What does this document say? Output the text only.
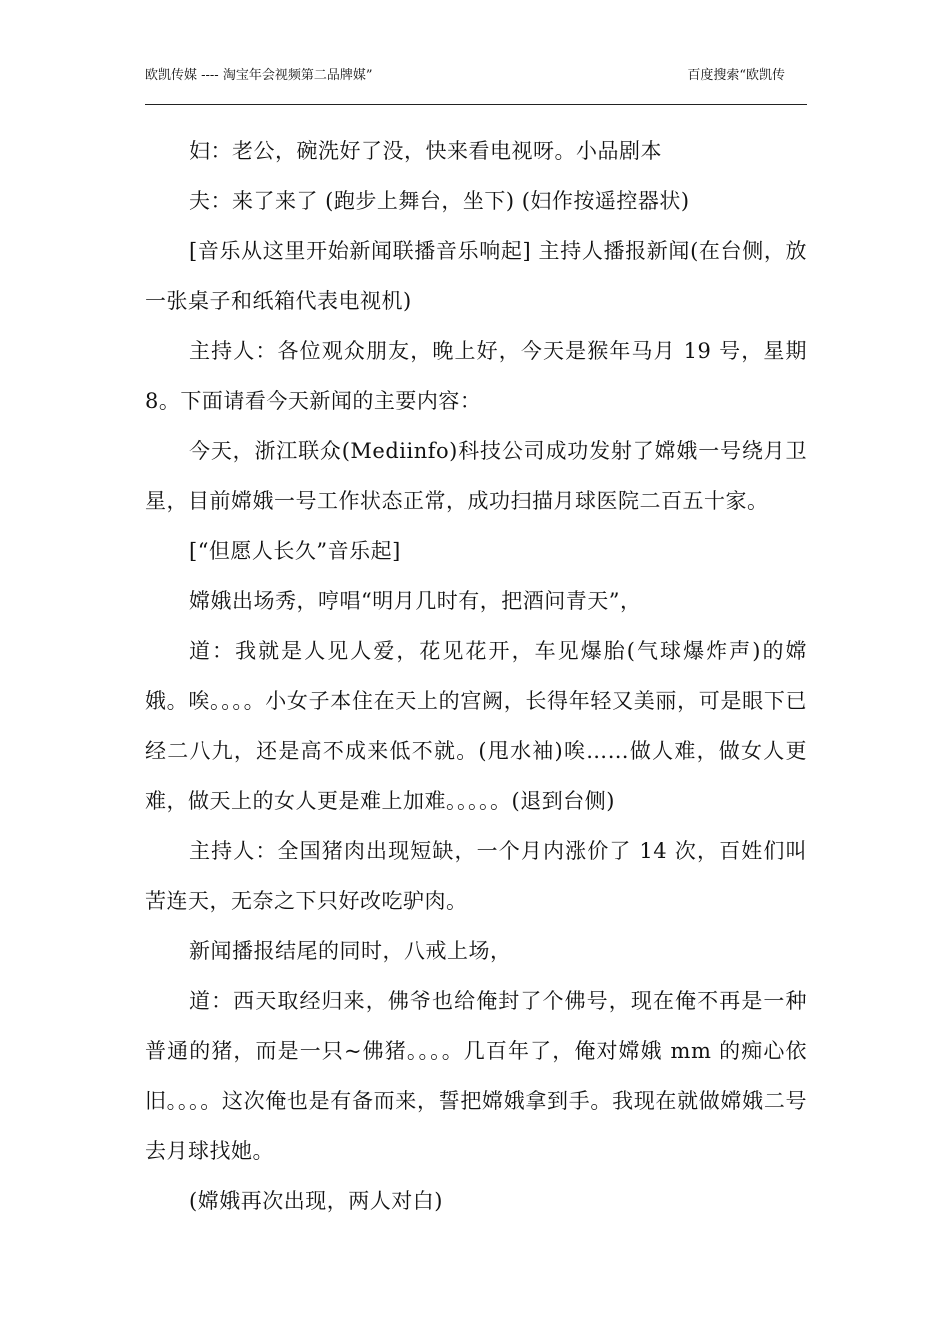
欧凯传媒 ---- 淘宝年会视频第二品牌媒”	百度搜索“欧凯传

妇：老公，碗洗好了没，快来看电视呀。小品剧本

夫：来了来了 (跑步上舞台，坐下) (妇作按遥控器状)

[音乐从这里开始新闻联播音乐响起] 主持人播报新闻(在台侧，放一张桌子和纸箱代表电视机)

主持人：各位观众朋友，晚上好，今天是猴年马月 19 号，星期 8。下面请看今天新闻的主要内容：

今天，浙江联众(Mediinfo)科技公司成功发射了嫦娥一号绕月卫星，目前嫦娥一号工作状态正常，成功扫描月球医院二百五十家。

[“但愿人长久”音乐起]

嫦娥出场秀，哼唱“明月几时有，把酒问青天”，

道：我就是人见人爱，花见花开，车见爆胎(气球爆炸声)的嫦娥。唉。。。。小女子本住在天上的宫阙，长得年轻又美丽，可是眼下已经二八九，还是高不成来低不就。(甩水袖)唉……做人难，做女人更难，做天上的女人更是难上加难。。。。。(退到台侧)

主持人：全国猪肉出现短缺，一个月内涨价了 14 次，百姓们叫苦连天，无奈之下只好改吃驴肉。

新闻播报结尾的同时，八戒上场，

道：西天取经归来，佛爷也给俺封了个佛号，现在俺不再是一种普通的猪，而是一只~佛猪。。。。几百年了，俺对嫦娥 mm 的痴心依旧。。。。这次俺也是有备而来，誓把嫦娥拿到手。我现在就做嫦娥二号去月球找她。

(嫦娥再次出现，两人对白)
